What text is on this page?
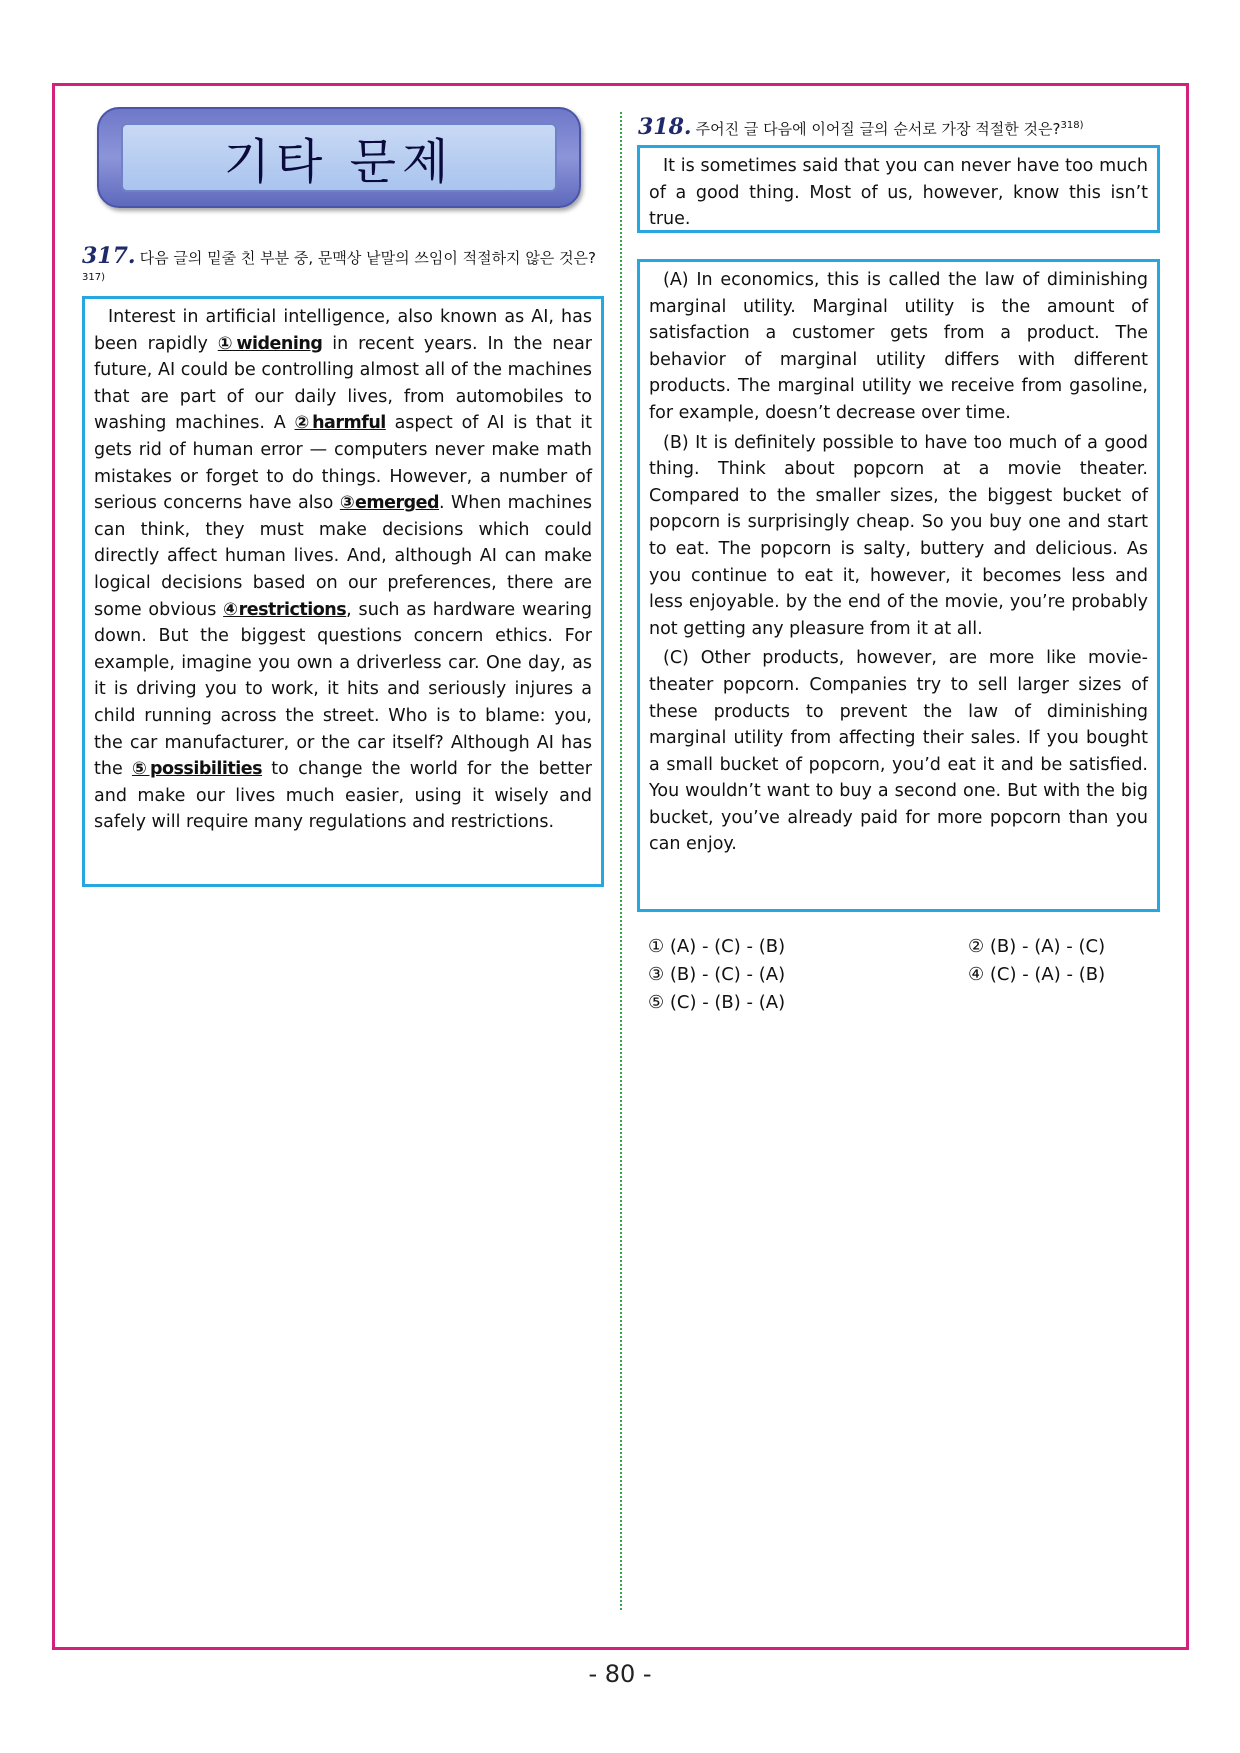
기타 문제
317. 다음 글의 밑줄 친 부분 중, 문맥상 낱말의 쓰임이 적절하지 않은 것은?$^{317)}$

Interest in artificial intelligence, also known as AI, has been rapidly ①widening in recent years. In the near future, AI could be controlling almost all of the machines that are part of our daily lives, from automobiles to washing machines. A ②harmful aspect of AI is that it gets rid of human error — computers never make math mistakes or forget to do things. However, a number of serious concerns have also ③emerged. When machines can think, they must make decisions which could directly affect human lives. And, although AI can make logical decisions based on our preferences, there are some obvious ④restrictions, such as hardware wearing down. But the biggest questions concern ethics. For example, imagine you own a driverless car. One day, as it is driving you to work, it hits and seriously injures a child running across the street. Who is to blame: you, the car manufacturer, or the car itself? Although AI has the ⑤possibilities to change the world for the better and make our lives much easier, using it wisely and safely will require many regulations and restrictions.

318. 주어진 글 다음에 이어질 글의 순서로 가장 적절한 것은?$^{318)}$

It is sometimes said that you can never have too much of a good thing. Most of us, however, know this isn’t true.

(A) In economics, this is called the law of diminishing marginal utility. Marginal utility is the amount of satisfaction a customer gets from a product. The behavior of marginal utility differs with different products. The marginal utility we receive from gasoline, for example, doesn’t decrease over time.

(B) It is definitely possible to have too much of a good thing. Think about popcorn at a movie theater. Compared to the smaller sizes, the biggest bucket of popcorn is surprisingly cheap. So you buy one and start to eat. The popcorn is salty, buttery and delicious. As you continue to eat it, however, it becomes less and less enjoyable. by the end of the movie, you’re probably not getting any pleasure from it at all.

(C) Other products, however, are more like movie-theater popcorn. Companies try to sell larger sizes of these products to prevent the law of diminishing marginal utility from affecting their sales. If you bought a small bucket of popcorn, you’d eat it and be satisfied. You wouldn’t want to buy a second one. But with the big bucket, you’ve already paid for more popcorn than you can enjoy.

① (A) - (C) - (B)	② (B) - (A) - (C)
③ (B) - (C) - (A)	④ (C) - (A) - (B)
⑤ (C) - (B) - (A)
- 80 -
